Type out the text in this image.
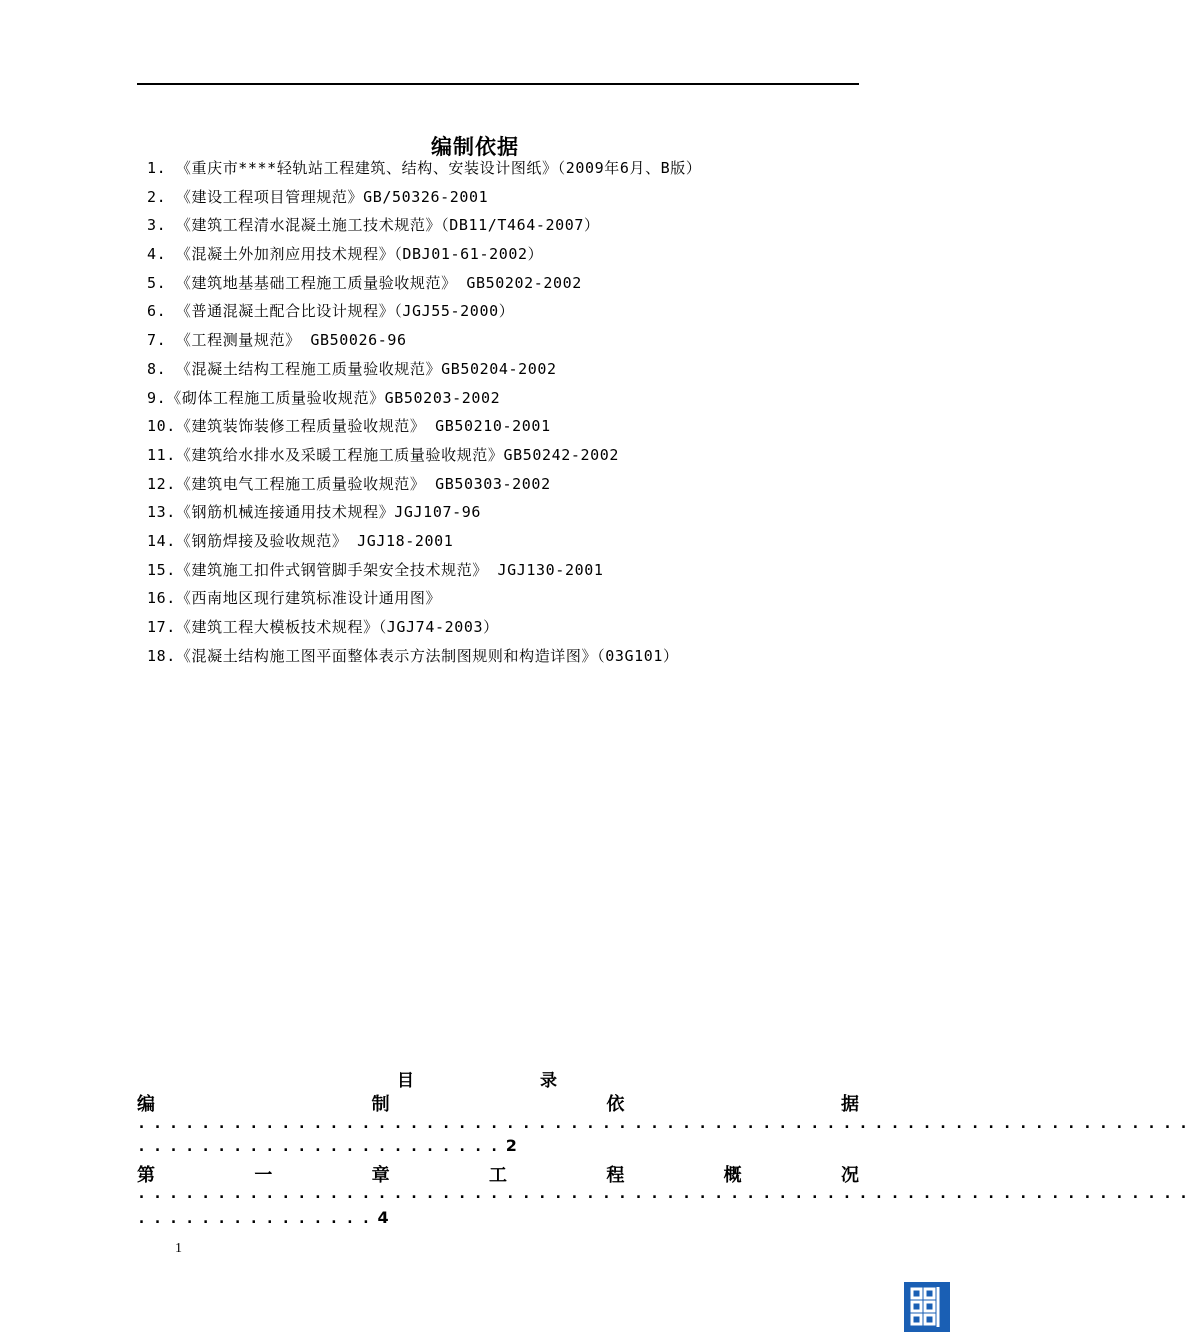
编制依据
1. 《重庆市****轻轨站工程建筑、结构、安装设计图纸》（2009年6月、B版）
2. 《建设工程项目管理规范》GB/50326-2001
3. 《建筑工程清水混凝土施工技术规范》（DB11/T464-2007）
4. 《混凝土外加剂应用技术规程》（DBJ01-61-2002）
5. 《建筑地基基础工程施工质量验收规范》 GB50202-2002
6. 《普通混凝土配合比设计规程》（JGJ55-2000）
7. 《工程测量规范》 GB50026-96
8. 《混凝土结构工程施工质量验收规范》GB50204-2002
9.《砌体工程施工质量验收规范》GB50203-2002
10.《建筑装饰装修工程质量验收规范》 GB50210-2001
11.《建筑给水排水及采暖工程施工质量验收规范》GB50242-2002
12.《建筑电气工程施工质量验收规范》 GB50303-2002
13.《钢筋机械连接通用技术规程》JGJ107-96
14.《钢筋焊接及验收规范》 JGJ18-2001
15.《建筑施工扣件式钢管脚手架安全技术规范》 JGJ130-2001
16.《西南地区现行建筑标准设计通用图》
17.《建筑工程大模板技术规程》（JGJ74-2003）
18.《混凝土结构施工图平面整体表示方法制图规则和构造详图》（03G101）
目 录
编	制	依	据
..................................................................
.......................2
第	一	章	工	程	概	况
..................................................................
...............4
1
